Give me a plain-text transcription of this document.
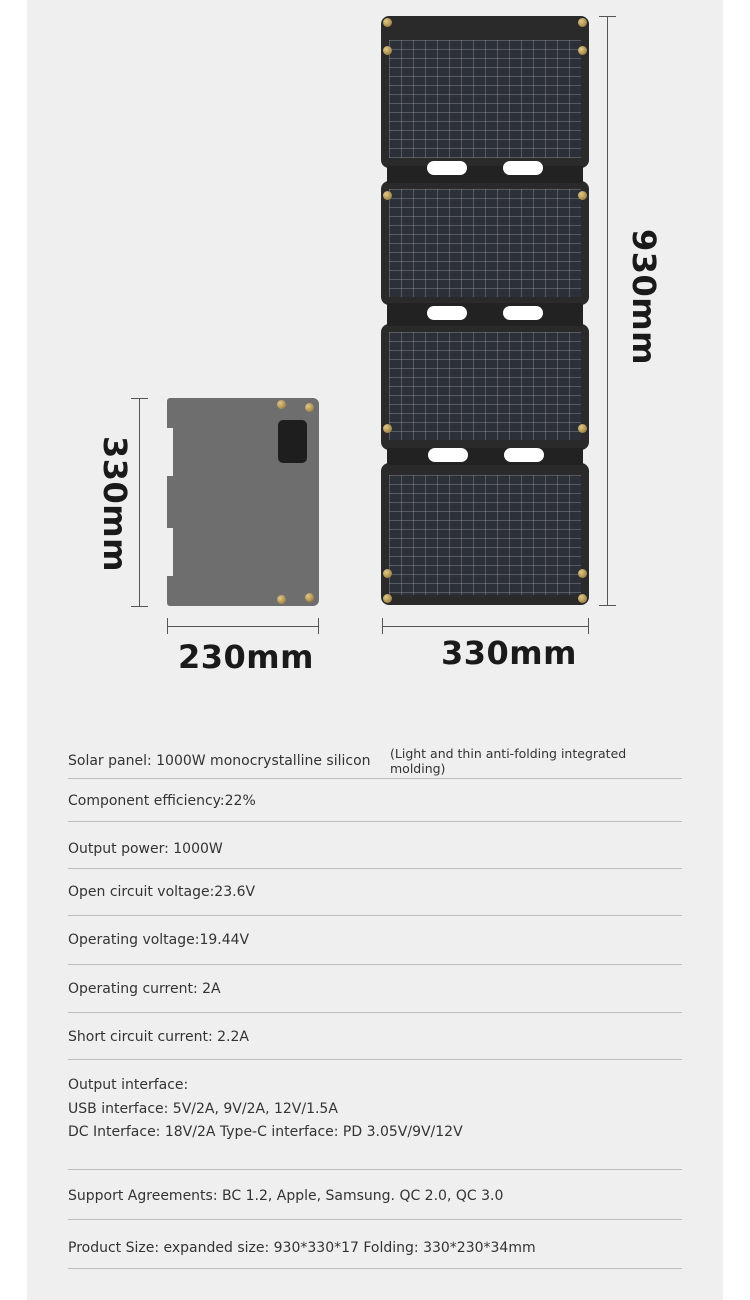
330mm
230mm
930mm
330mm
Solar panel: 1000W monocrystalline silicon (Light and thin anti-folding integrated molding)
Component efficiency:22%
Output power: 1000W
Open circuit voltage:23.6V
Operating voltage:19.44V
Operating current: 2A
Short circuit current: 2.2A
Output interface:
USB interface: 5V/2A, 9V/2A, 12V/1.5A
DC Interface: 18V/2A Type-C interface: PD 3.05V/9V/12V
Support Agreements: BC 1.2, Apple, Samsung. QC 2.0, QC 3.0
Product Size: expanded size: 930*330*17 Folding: 330*230*34mm
